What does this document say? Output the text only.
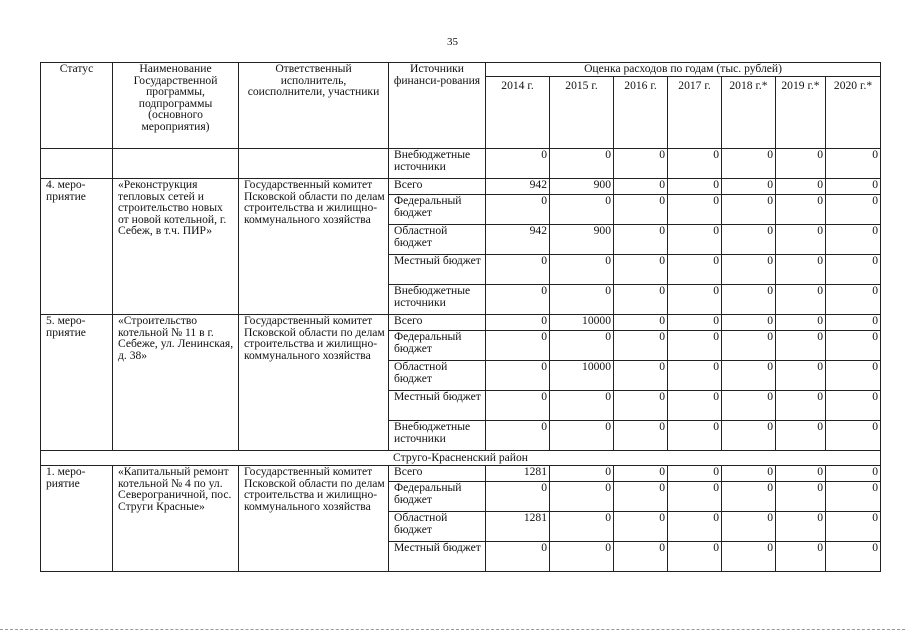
35
Статус	Наименование Государственной программы, подпрограммы (основного мероприятия)	Ответственный исполнитель, соисполнители, участники	Источники финанси-рования	Оценка расходов по годам (тыс. рублей)						
				2014 г.	2015 г.	2016 г.	2017 г.	2018 г.*	2019 г.*	2020 г.*
			Внебюджетные источники	0	0	0	0	0	0	0
4. меро-приятие	«Реконструкция тепловых сетей и строительство новых от новой котельной, г. Себеж, в т.ч. ПИР»	Государственный комитет Псковской области по делам строительства и жилищно-коммунального хозяйства	Всего	942	900	0	0	0	0	0
			Федеральный бюджет	0	0	0	0	0	0	0
			Областной бюджет	942	900	0	0	0	0	0
			Местный бюджет	0	0	0	0	0	0	0
			Внебюджетные источники	0	0	0	0	0	0	0
5. меро-приятие	«Строительство котельной № 11 в г. Себеже, ул. Ленинская, д. 38»	Государственный комитет Псковской области по делам строительства и жилищно-коммунального хозяйства	Всего	0	10000	0	0	0	0	0
			Федеральный бюджет	0	0	0	0	0	0	0
			Областной бюджет	0	10000	0	0	0	0	0
			Местный бюджет	0	0	0	0	0	0	0
			Внебюджетные источники	0	0	0	0	0	0	0
Струго-Красненский район										
1. меро-риятие	«Капитальный ремонт котельной № 4 по ул. Северограничной, пос. Струги Красные»	Государственный комитет Псковской области по делам строительства и жилищно-коммунального хозяйства	Всего	1281	0	0	0	0	0	0
			Федеральный бюджет	0	0	0	0	0	0	0
			Областной бюджет	1281	0	0	0	0	0	0
			Местный бюджет	0	0	0	0	0	0	0
